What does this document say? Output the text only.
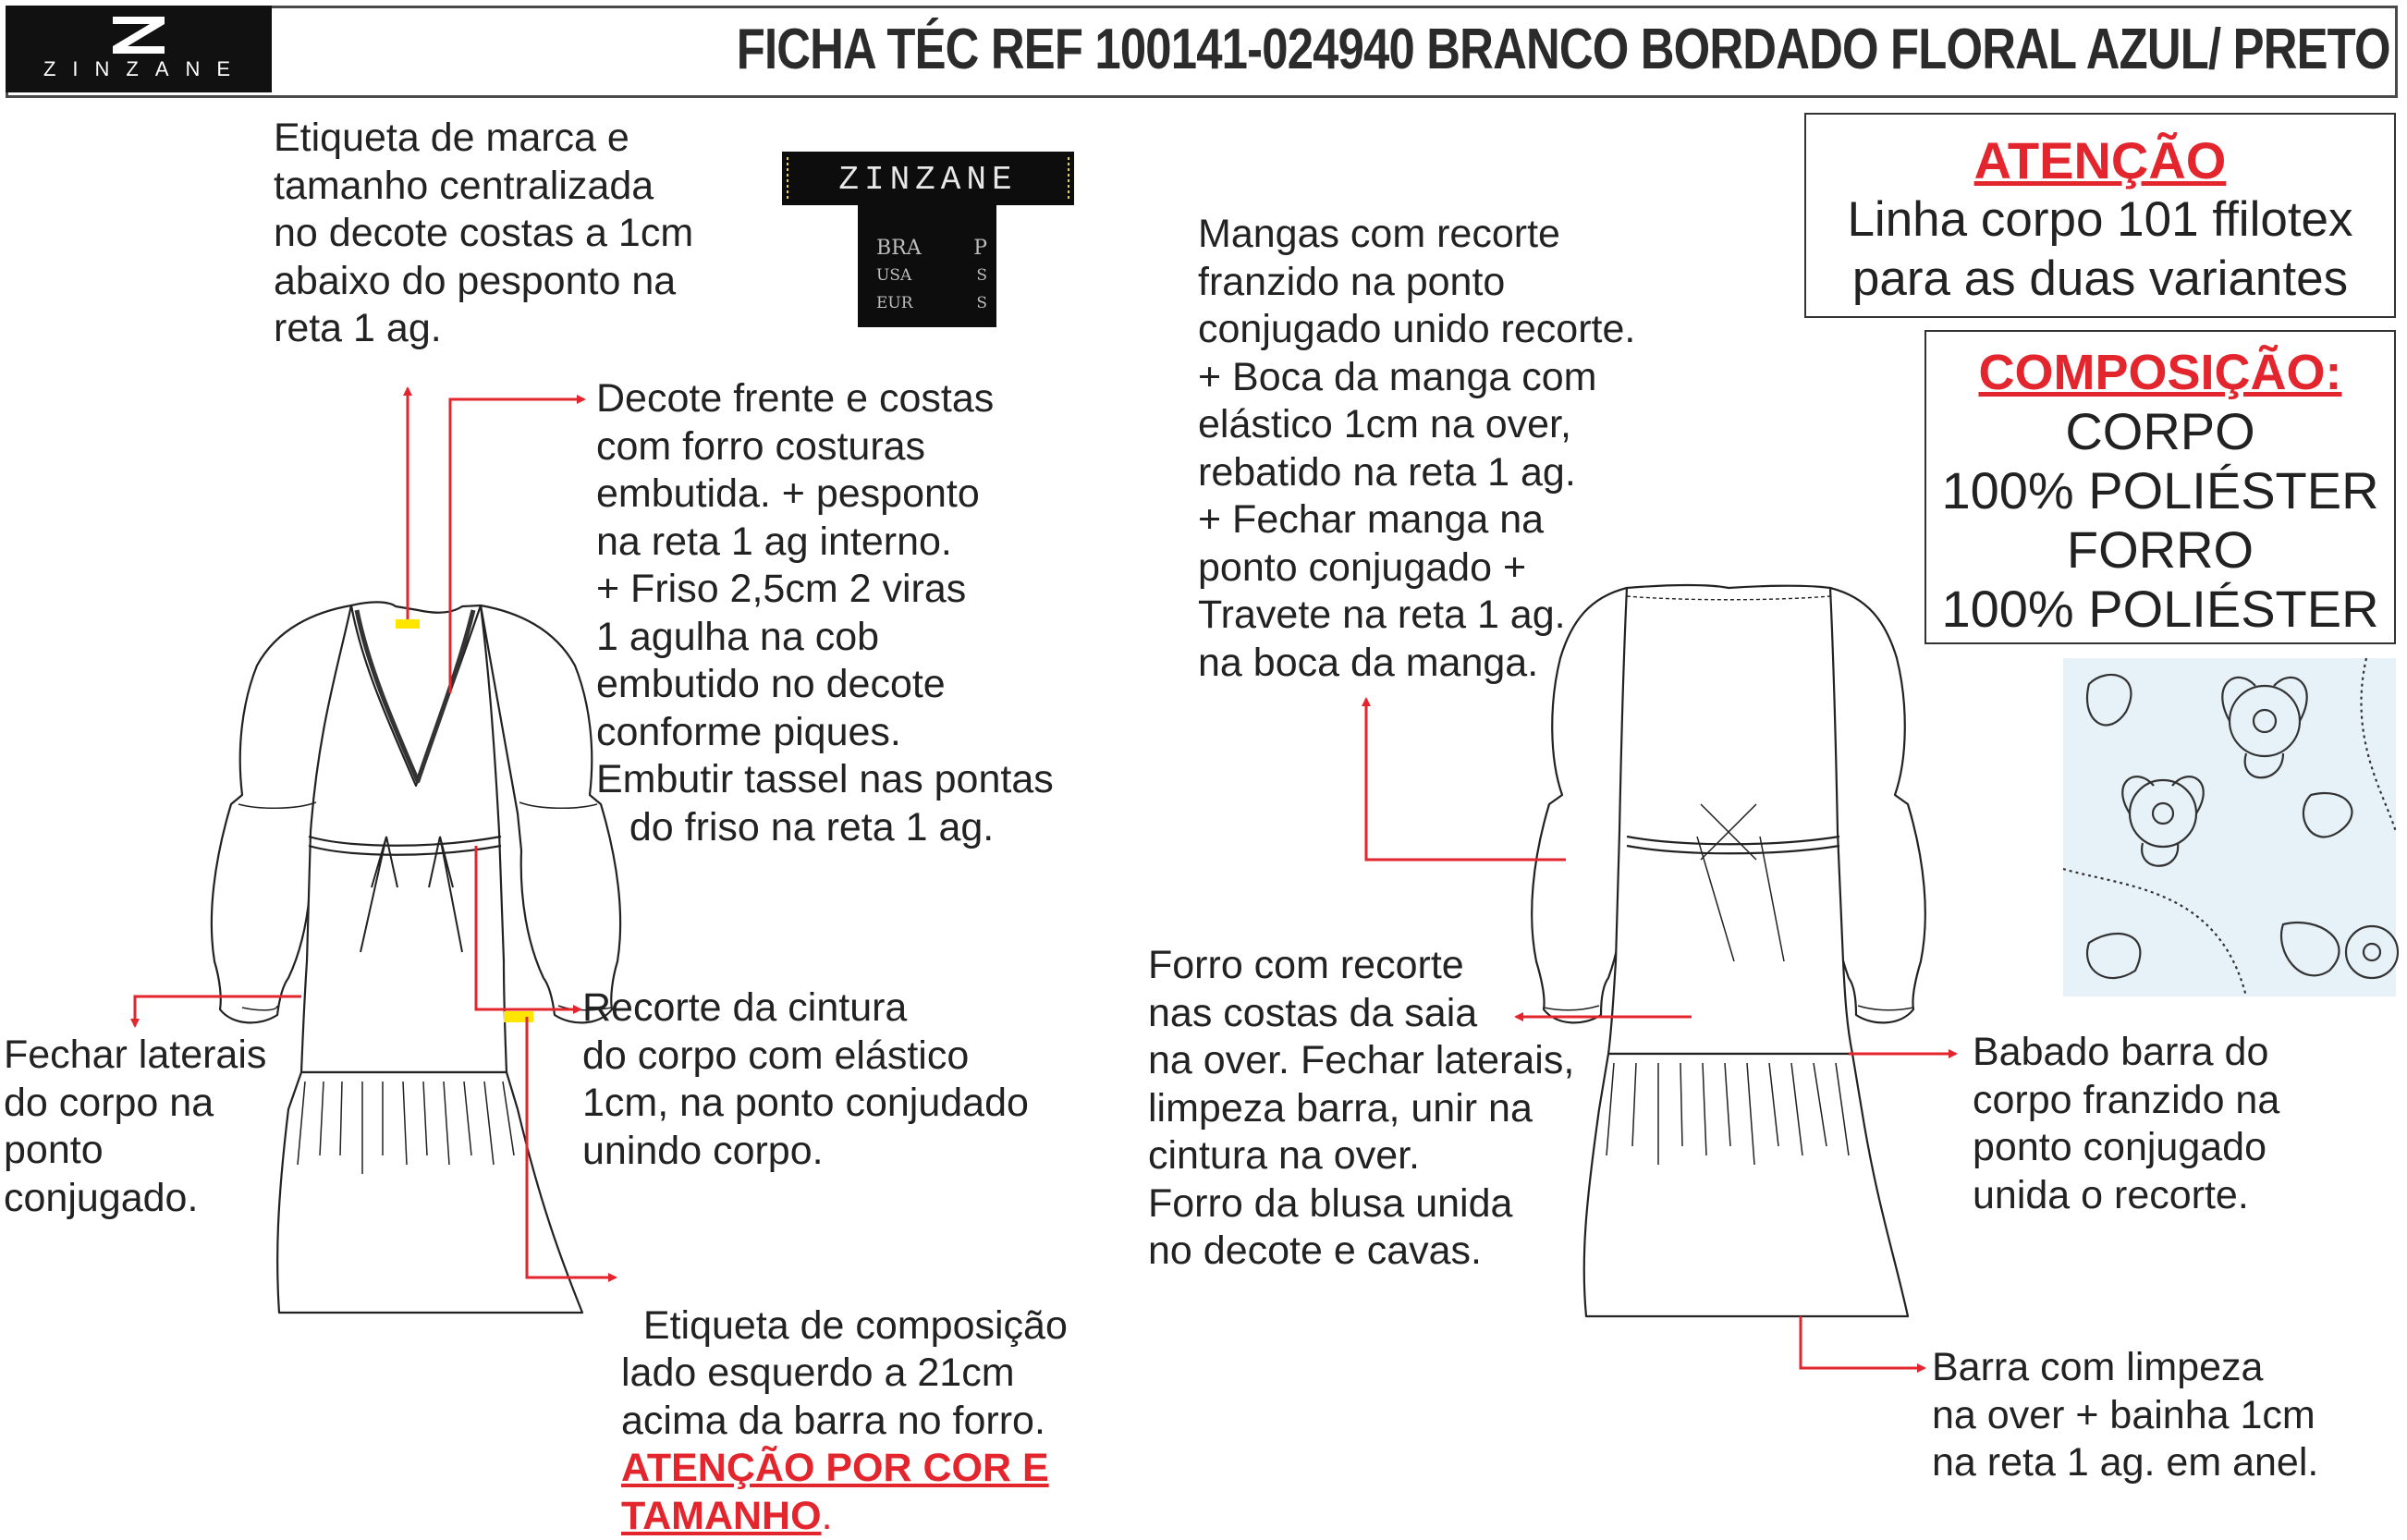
ZINZANE	FICHA TÉC REF 100141-024940 BRANCO BORDADO FLORAL AZUL/ PRETO
ZINZANE
BRA	P
USA	S
EUR	S
Etiqueta de marca e
tamanho centralizada
no decote costas a 1cm
abaixo do pesponto na
reta 1 ag.
Decote frente e costas
com forro costuras
embutida. + pesponto
na reta 1 ag interno.
+ Friso 2,5cm 2 viras
1 agulha na cob
embutido no decote
conforme piques.
Embutir tassel nas pontas
do friso na reta 1 ag.
Fechar laterais
do corpo na
ponto
conjugado.
Recorte da cintura
do corpo com elástico
1cm, na ponto conjudado
unindo corpo.

Etiqueta de composição
lado esquerdo a 21cm
acima da barra no forro.
ATENÇÃO POR COR E
TAMANHO.

Mangas com recorte
franzido na ponto
conjugado unido recorte.
+ Boca da manga com
elástico 1cm na over,
rebatido na reta 1 ag.
+ Fechar manga na
ponto conjugado +
Travete na reta 1 ag.
na boca da manga.
Forro com recorte
nas costas da saia
na over. Fechar laterais,
limpeza barra, unir na
cintura na over.
Forro da blusa unida
no decote e cavas.
Babado barra do
corpo franzido na
ponto conjugado
unida o recorte.
Barra com limpeza
na over + bainha 1cm
na reta 1 ag. em anel.
ATENÇÃO
Linha corpo 101 ffilotex
para as duas variantes
COMPOSIÇÃO:
CORPO
100% POLIÉSTER
FORRO
100% POLIÉSTER
